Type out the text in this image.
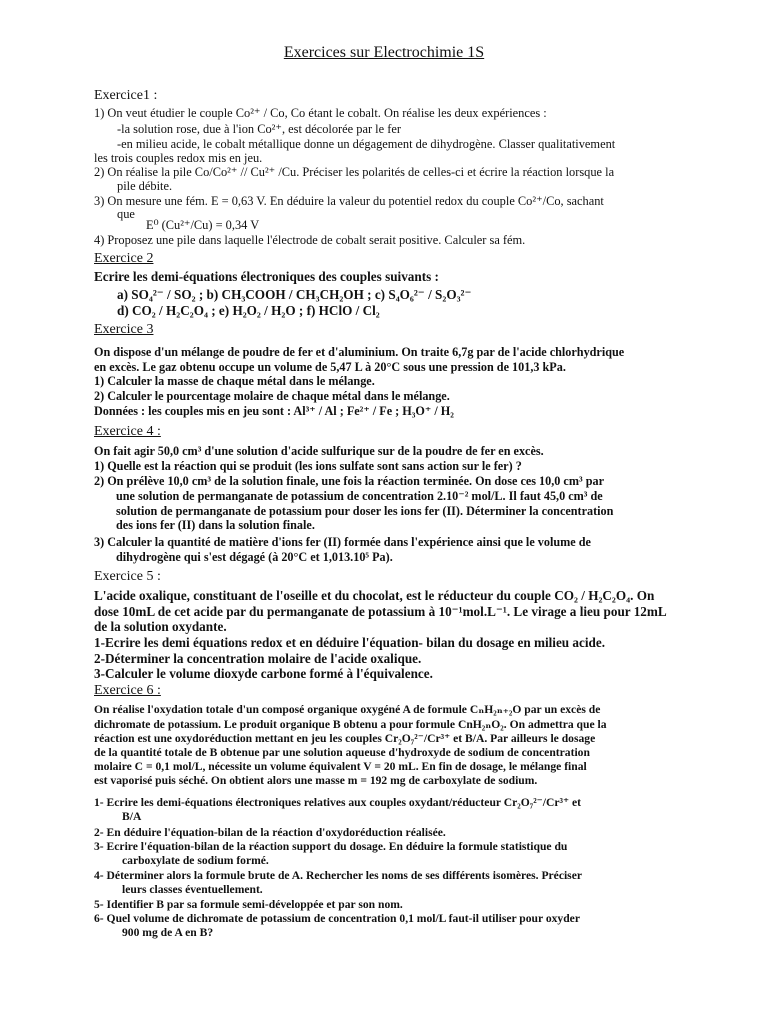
Exercices sur Electrochimie 1S
Exercice1 :
1) On veut étudier le couple Co²⁺ / Co, Co étant le cobalt. On réalise les deux expériences :
-la solution rose, due à l'ion Co²⁺, est décolorée par le fer
-en milieu acide, le cobalt métallique donne un dégagement de dihydrogène. Classer qualitativement
les trois couples redox mis en jeu.
2) On réalise la pile Co/Co²⁺ // Cu²⁺ /Cu. Préciser les polarités de celles-ci et écrire la réaction lorsque la
pile débite.
3) On mesure une fém. E = 0,63 V. En déduire la valeur du potentiel redox du couple Co²⁺/Co, sachant
que
E⁰ (Cu²⁺/Cu) = 0,34 V
4) Proposez une pile dans laquelle l'électrode de cobalt serait positive. Calculer sa fém.
Exercice 2
Ecrire les demi-équations électroniques des couples suivants :
a) SO₄²⁻ / SO₂ ; b) CH₃COOH / CH₃CH₂OH ; c) S₄O₆²⁻ / S₂O₃²⁻
d) CO₂ / H₂C₂O₄ ; e) H₂O₂ / H₂O ; f) HClO / Cl₂
Exercice 3
On dispose d'un mélange de poudre de fer et d'aluminium. On traite 6,7g par de l'acide chlorhydrique
en excès. Le gaz obtenu occupe un volume de 5,47 L à 20°C sous une pression de 101,3 kPa.
1) Calculer la masse de chaque métal dans le mélange.
2) Calculer le pourcentage molaire de chaque métal dans le mélange.
Données : les couples mis en jeu sont : Al³⁺ / Al ; Fe²⁺ / Fe ; H₃O⁺ / H₂
Exercice 4 :
On fait agir 50,0 cm³ d'une solution d'acide sulfurique sur de la poudre de fer en excès.
1) Quelle est la réaction qui se produit (les ions sulfate sont sans action sur le fer) ?
2) On prélève 10,0 cm³ de la solution finale, une fois la réaction terminée. On dose ces 10,0 cm³ par
une solution de permanganate de potassium de concentration 2.10⁻² mol/L. Il faut 45,0 cm³ de
solution de permanganate de potassium pour doser les ions fer (II). Déterminer la concentration
des ions fer (II) dans la solution finale.
3) Calculer la quantité de matière d'ions fer (II) formée dans l'expérience ainsi que le volume de
dihydrogène qui s'est dégagé (à 20°C et 1,013.10⁵ Pa).
Exercice 5 :
L'acide oxalique, constituant de l'oseille et du chocolat, est le réducteur du couple CO₂ / H₂C₂O₄. On
dose 10mL de cet acide par du permanganate de potassium à 10⁻¹mol.L⁻¹. Le virage a lieu pour 12mL
de la solution oxydante.
1-Ecrire les demi équations redox et en déduire l'équation- bilan du dosage en milieu acide.
2-Déterminer la concentration molaire de l'acide oxalique.
3-Calculer le volume dioxyde carbone formé à l'équivalence.
Exercice 6 :
On réalise l'oxydation totale d'un composé organique oxygéné A de formule CₙH₂ₙ₊₂O par un excès de
dichromate de potassium. Le produit organique B obtenu a pour formule CnH₂ₙO₂. On admettra que la
réaction est une oxydoréduction mettant en jeu les couples Cr₂O₇²⁻/Cr³⁺ et B/A. Par ailleurs le dosage
de la quantité totale de B obtenue par une solution aqueuse d'hydroxyde de sodium de concentration
molaire C = 0,1 mol/L, nécessite un volume équivalent V = 20 mL. En fin de dosage, le mélange final
est vaporisé puis séché. On obtient alors une masse m = 192 mg de carboxylate de sodium.
1- Ecrire les demi-équations électroniques relatives aux couples oxydant/réducteur Cr₂O₇²⁻/Cr³⁺ et
B/A
2- En déduire l'équation-bilan de la réaction d'oxydoréduction réalisée.
3- Ecrire l'équation-bilan de la réaction support du dosage. En déduire la formule statistique du
carboxylate de sodium formé.
4- Déterminer alors la formule brute de A. Rechercher les noms de ses différents isomères. Préciser
leurs classes éventuellement.
5- Identifier B par sa formule semi-développée et par son nom.
6- Quel volume de dichromate de potassium de concentration 0,1 mol/L faut-il utiliser pour oxyder
900 mg de A en B?
